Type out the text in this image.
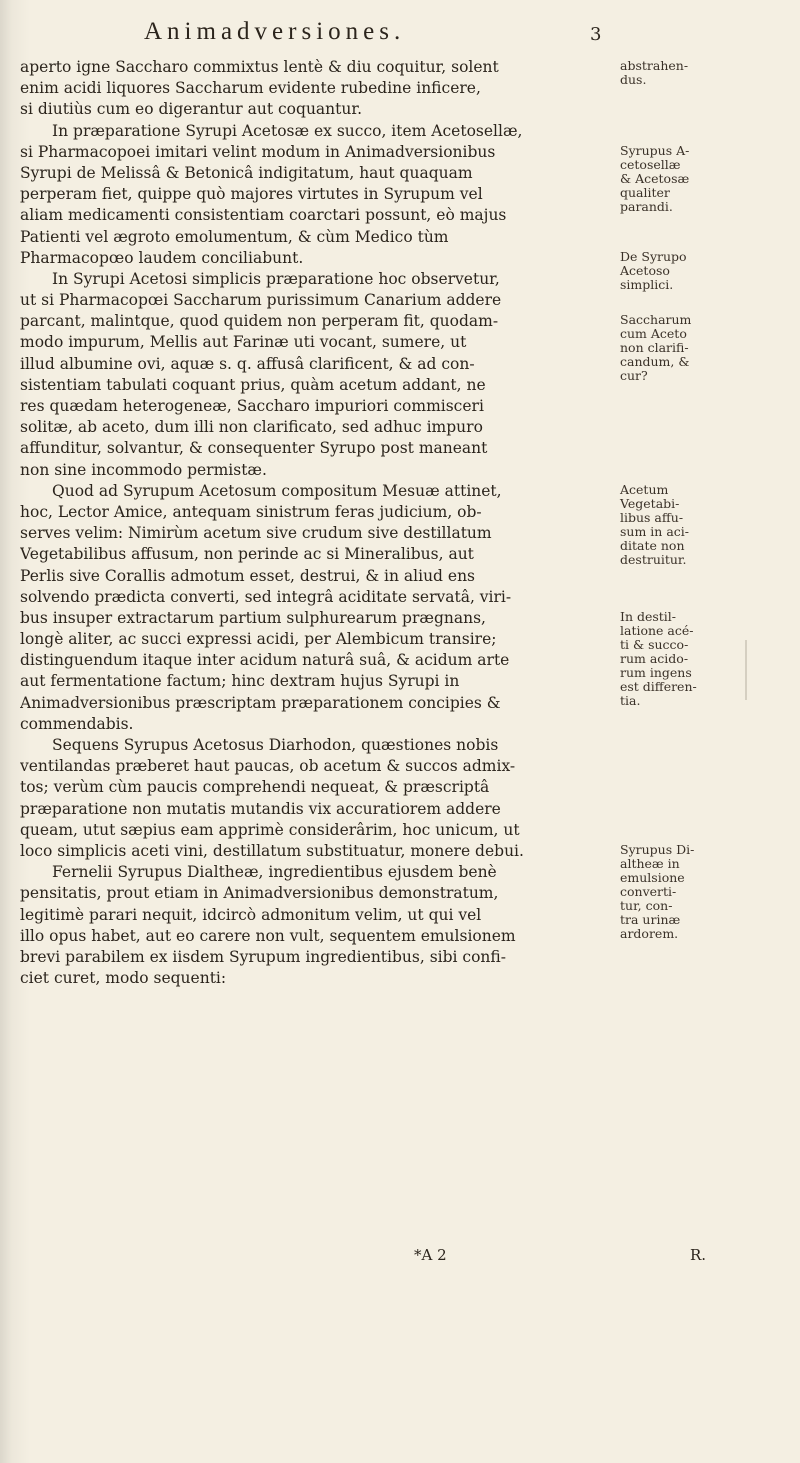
Animadversiones.	3
aperto igne Saccharo commixtus lentè & diu coquitur, solent
enim acidi liquores Saccharum evidente rubedine inficere,
si diutiùs cum eo digerantur aut coquantur.
In præparatione Syrupi Acetosæ ex succo, item Acetosellæ,
si Pharmacopoei imitari velint modum in Animadversionibus
Syrupi de Melissâ & Betonicâ indigitatum, haut quaquam
perperam fiet, quippe quò majores virtutes in Syrupum vel
aliam medicamenti consistentiam coarctari possunt, eò majus
Patienti vel ægroto emolumentum, & cùm Medico tùm
Pharmacopœo laudem conciliabunt.
In Syrupi Acetosi simplicis præparatione hoc observetur,
ut si Pharmacopœi Saccharum purissimum Canarium addere
parcant, malintque, quod quidem non perperam fit, quodam-
modo impurum, Mellis aut Farinæ uti vocant, sumere, ut
illud albumine ovi, aquæ s. q. affusâ clarificent, & ad con-
sistentiam tabulati coquant prius, quàm acetum addant, ne
res quædam heterogeneæ, Saccharo impuriori commisceri
solitæ, ab aceto, dum illi non clarificato, sed adhuc impuro
affunditur, solvantur, & consequenter Syrupo post maneant
non sine incommodo permistæ.
Quod ad Syrupum Acetosum compositum Mesuæ attinet,
hoc, Lector Amice, antequam sinistrum feras judicium, ob-
serves velim: Nimirùm acetum sive crudum sive destillatum
Vegetabilibus affusum, non perinde ac si Mineralibus, aut
Perlis sive Corallis admotum esset, destrui, & in aliud ens
solvendo prædicta converti, sed integrâ aciditate servatâ, viri-
bus insuper extractarum partium sulphurearum prægnans,
longè aliter, ac succi expressi acidi, per Alembicum transire;
distinguendum itaque inter acidum naturâ suâ, & acidum arte
aut fermentatione factum; hinc dextram hujus Syrupi in
Animadversionibus præscriptam præparationem concipies &
commendabis.
Sequens Syrupus Acetosus Diarhodon, quæstiones nobis
ventilandas præberet haut paucas, ob acetum & succos admix-
tos; verùm cùm paucis comprehendi nequeat, & præscriptâ
præparatione non mutatis mutandis vix accuratiorem addere
queam, utut sæpius eam apprimè considerârim, hoc unicum, ut
loco simplicis aceti vini, destillatum substituatur, monere debui.
Fernelii Syrupus Dialtheæ, ingredientibus ejusdem benè
pensitatis, prout etiam in Animadversionibus demonstratum,
legitimè parari nequit, idcircò admonitum velim, ut qui vel
illo opus habet, aut eo carere non vult, sequentem emulsionem
brevi parabilem ex iisdem Syrupum ingredientibus, sibi confi-
ciet curet, modo sequenti:
abstrahen-
dus.
Syrupus A-
cetosellæ
& Acetosæ
qualiter
parandi.
De Syrupo
Acetoso
simplici.
Saccharum
cum Aceto
non clarifi-
candum, &
cur?
Acetum
Vegetabi-
libus affu-
sum in aci-
ditate non
destruitur.
In destil-
latione acé-
ti & succo-
rum acido-
rum ingens
est differen-
tia.
Syrupus Di-
altheæ in
emulsione
converti-
tur, con-
tra urinæ
ardorem.
*A 2	R.
